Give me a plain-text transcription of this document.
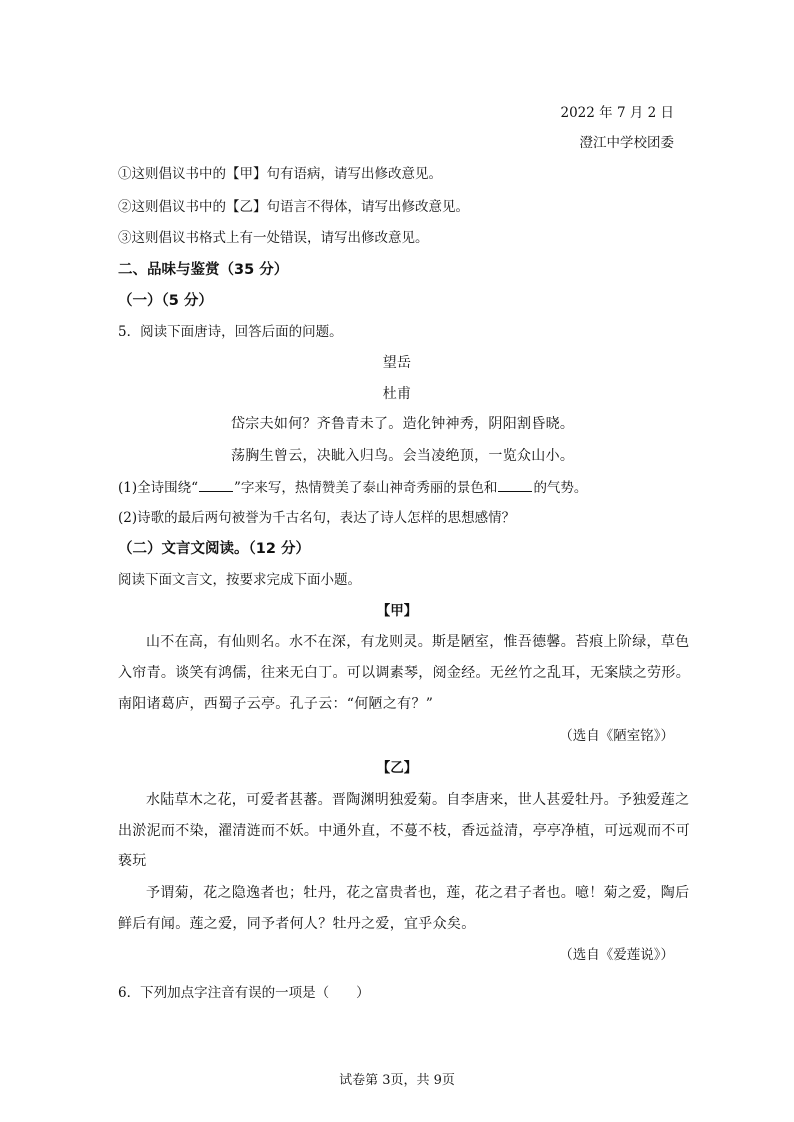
2022 年 7 月 2 日
澄江中学校团委
①这则倡议书中的【甲】句有语病，请写出修改意见。
②这则倡议书中的【乙】句语言不得体，请写出修改意见。
③这则倡议书格式上有一处错误，请写出修改意见。
二、品味与鉴赏（35 分）
（一）（5 分）
5．阅读下面唐诗，回答后面的问题。
望岳
杜甫
岱宗夫如何？齐鲁青未了。造化钟神秀，阴阳割昏晓。
荡胸生曾云，决眦入归鸟。会当凌绝顶，一览众山小。
(1)全诗围绕“	”字来写，热情赞美了泰山神奇秀丽的景色和	的气势。
(2)诗歌的最后两句被誉为千古名句，表达了诗人怎样的思想感情？
（二）文言文阅读。（12 分）
阅读下面文言文，按要求完成下面小题。
【甲】
山不在高，有仙则名。水不在深，有龙则灵。斯是陋室，惟吾德馨。苔痕上阶绿，草色
入帘青。谈笑有鸿儒，往来无白丁。可以调素琴，阅金经。无丝竹之乱耳，无案牍之劳形。
南阳诸葛庐，西蜀子云亭。孔子云：“何陋之有？”
（选自《陋室铭》）
【乙】
水陆草木之花，可爱者甚蕃。晋陶渊明独爱菊。自李唐来，世人甚爱牡丹。予独爱莲之
出淤泥而不染，濯清涟而不妖。中通外直，不蔓不枝，香远益清，亭亭净植，可远观而不可
亵玩
予谓菊，花之隐逸者也；牡丹，花之富贵者也，莲，花之君子者也。噫！菊之爱，陶后
鲜后有闻。莲之爱，同予者何人？牡丹之爱，宜乎众矣。
（选自《爱莲说》）
6．下列加点字注音有误的一项是（　　）
试卷第 3页，共 9页
